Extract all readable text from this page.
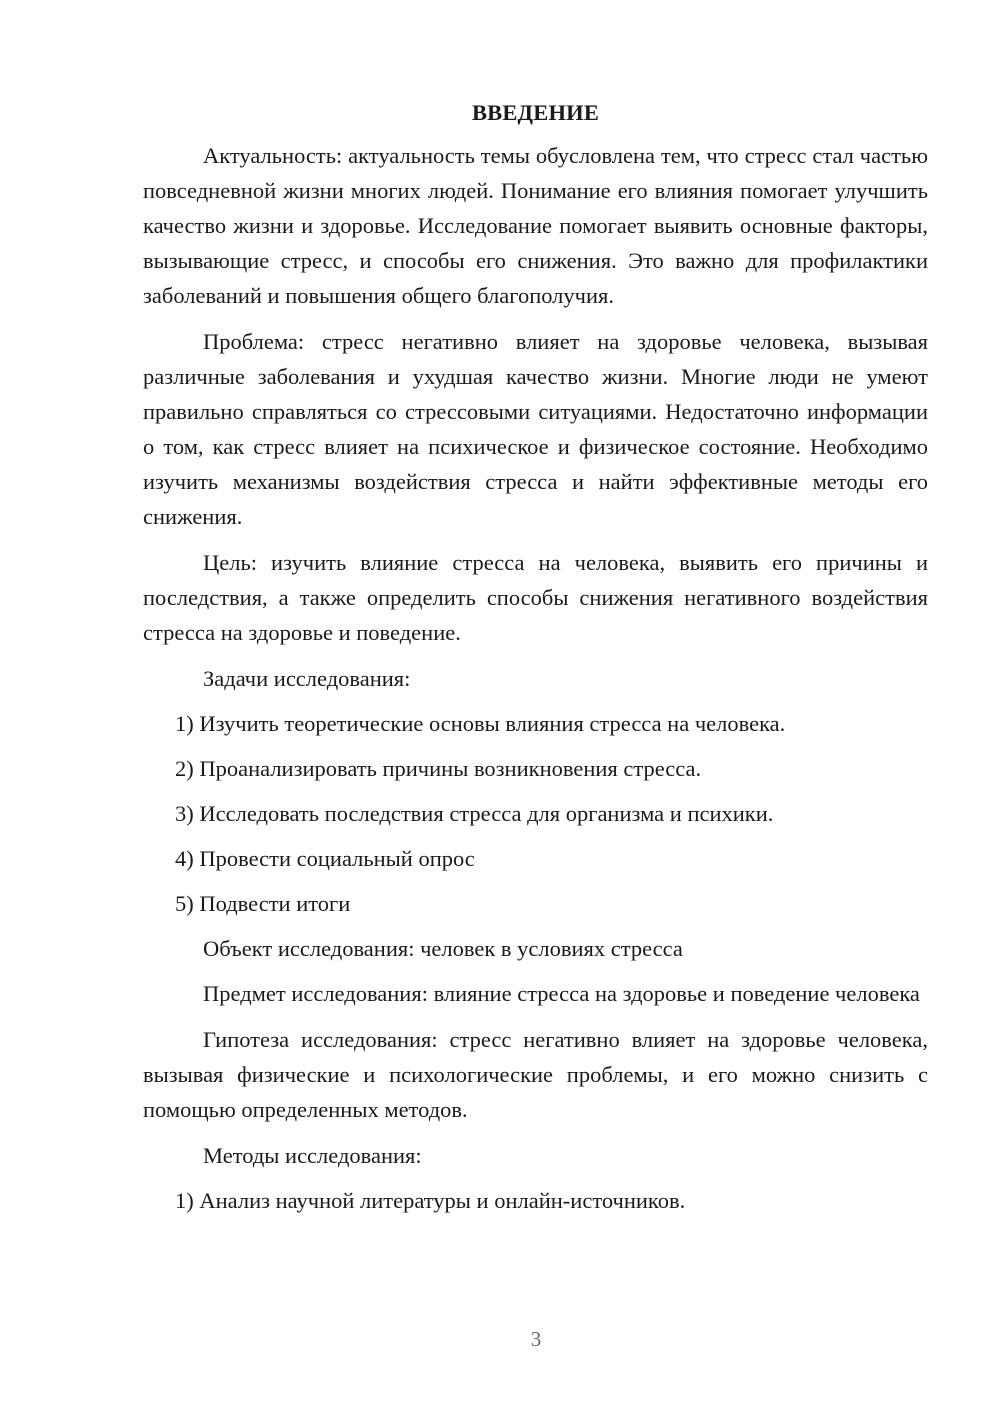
ВВЕДЕНИЕ

Актуальность: актуальность темы обусловлена тем, что стресс стал частью повседневной жизни многих людей. Понимание его влияния помогает улучшить качество жизни и здоровье. Исследование помогает выявить основные факторы, вызывающие стресс, и способы его снижения. Это важно для профилактики заболеваний и повышения общего благополучия.

Проблема: стресс негативно влияет на здоровье человека, вызывая различные заболевания и ухудшая качество жизни. Многие люди не умеют правильно справляться со стрессовыми ситуациями. Недостаточно информации о том, как стресс влияет на психическое и физическое состояние. Необходимо изучить механизмы воздействия стресса и найти эффективные методы его снижения.

Цель: изучить влияние стресса на человека, выявить его причины и последствия, а также определить способы снижения негативного воздействия стресса на здоровье и поведение.

Задачи исследования:

1) Изучить теоретические основы влияния стресса на человека.
2) Проанализировать причины возникновения стресса.
3) Исследовать последствия стресса для организма и психики.
4) Провести социальный опрос
5) Подвести итоги

Объект исследования: человек в условиях стресса

Предмет исследования: влияние стресса на здоровье и поведение человека

Гипотеза исследования: стресс негативно влияет на здоровье человека, вызывая физические и психологические проблемы, и его можно снизить с помощью определенных методов.

Методы исследования:

1) Анализ научной литературы и онлайн-источников.
3
